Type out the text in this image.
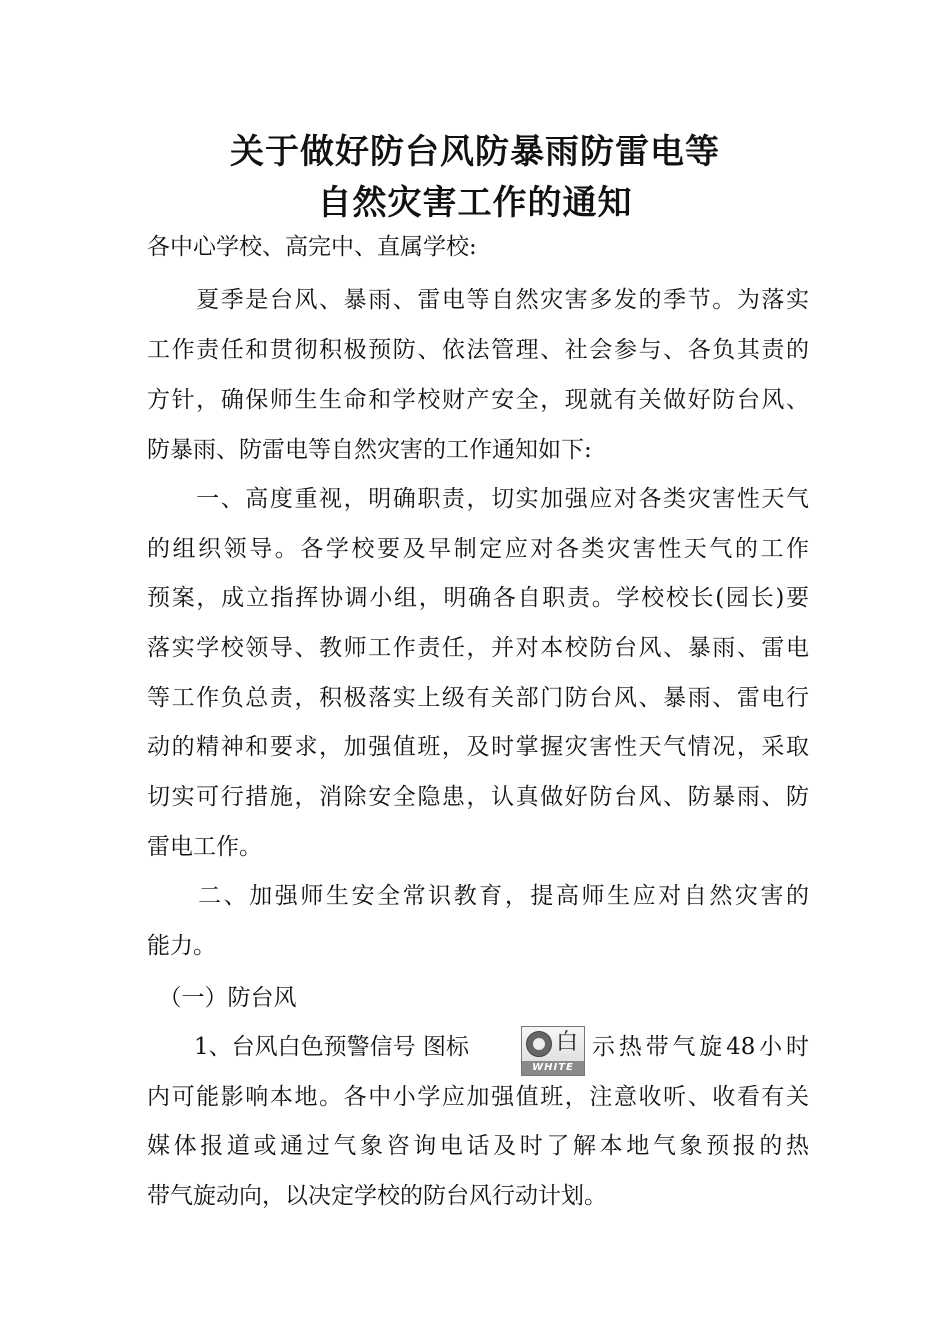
关于做好防台风防暴雨防雷电等
自然灾害工作的通知
各中心学校、高完中、直属学校:
　　夏季是台风、暴雨、雷电等自然灾害多发的季节。为落实
工作责任和贯彻积极预防、依法管理、社会参与、各负其责的
方针，确保师生生命和学校财产安全，现就有关做好防台风、
防暴雨、防雷电等自然灾害的工作通知如下:
　　一、高度重视，明确职责，切实加强应对各类灾害性天气
的组织领导。各学校要及早制定应对各类灾害性天气的工作
预案，成立指挥协调小组，明确各自职责。学校校长(园长)要
落实学校领导、教师工作责任，并对本校防台风、暴雨、雷电
等工作负总责，积极落实上级有关部门防台风、暴雨、雷电行
动的精神和要求，加强值班，及时掌握灾害性天气情况，采取
切实可行措施，消除安全隐患，认真做好防台风、防暴雨、防
雷电工作。
　　二、加强师生安全常识教育，提高师生应对自然灾害的
能力。
　（一）防台风
1、台风白色预警信号 图标	白
WHITE
示热带气旋48小时
内可能影响本地。各中小学应加强值班，注意收听、收看有关
媒体报道或通过气象咨询电话及时了解本地气象预报的热
带气旋动向，以决定学校的防台风行动计划。
